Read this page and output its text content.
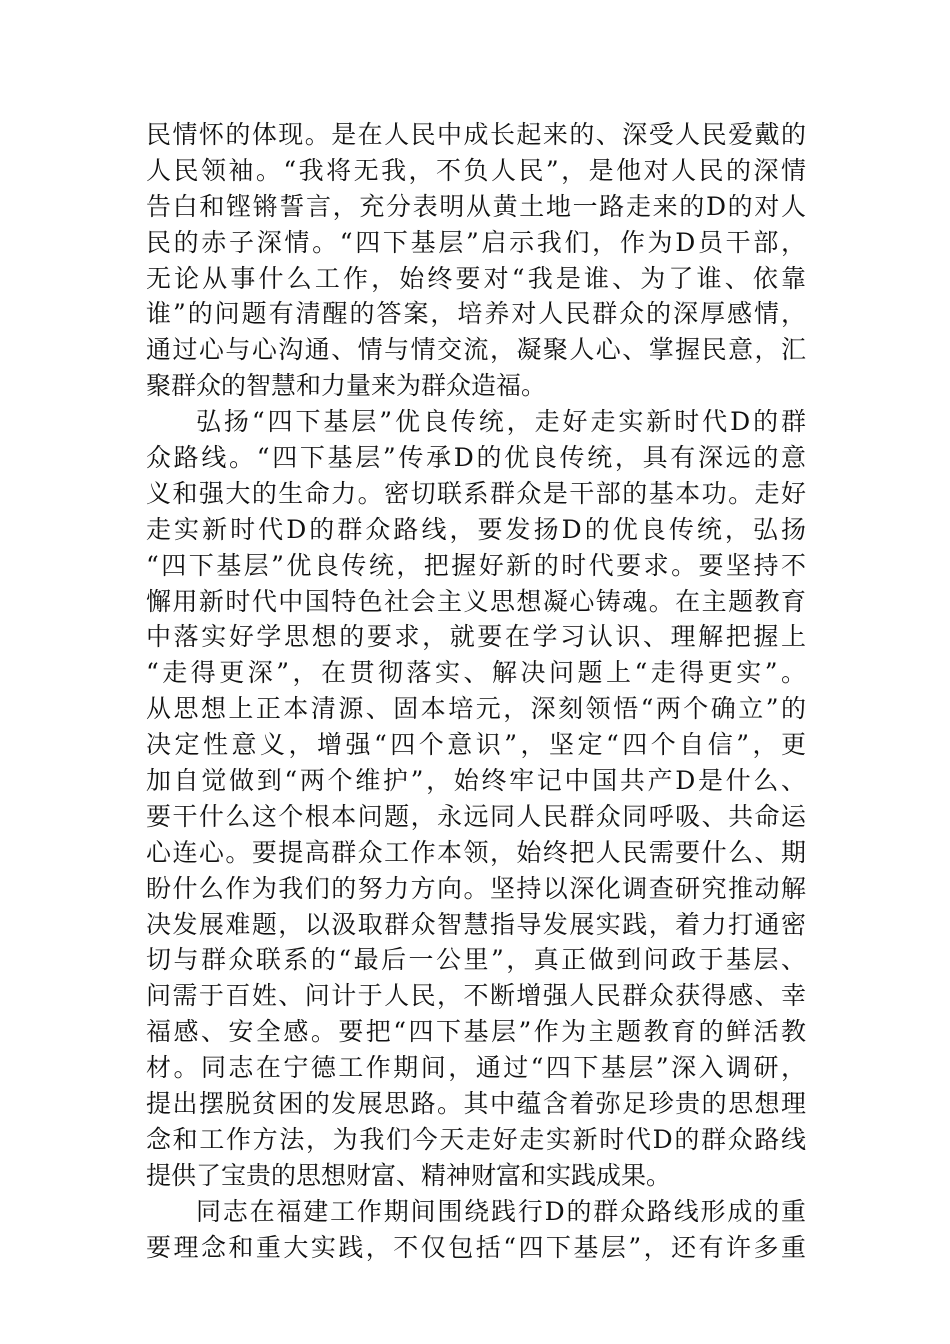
民情怀的体现。是在人民中成长起来的、深受人民爱戴的
人民领袖。“我将无我，不负人民”，是他对人民的深情
告白和铿锵誓言，充分表明从黄土地一路走来的D的对人
民的赤子深情。“四下基层”启示我们，作为D员干部，
无论从事什么工作，始终要对“我是谁、为了谁、依靠
谁”的问题有清醒的答案，培养对人民群众的深厚感情，
通过心与心沟通、情与情交流，凝聚人心、掌握民意，汇
聚群众的智慧和力量来为群众造福。
弘扬“四下基层”优良传统，走好走实新时代D的群
众路线。“四下基层”传承D的优良传统，具有深远的意
义和强大的生命力。密切联系群众是干部的基本功。走好
走实新时代D的群众路线，要发扬D的优良传统，弘扬
“四下基层”优良传统，把握好新的时代要求。要坚持不
懈用新时代中国特色社会主义思想凝心铸魂。在主题教育
中落实好学思想的要求，就要在学习认识、理解把握上
“走得更深”，在贯彻落实、解决问题上“走得更实”。
从思想上正本清源、固本培元，深刻领悟“两个确立”的
决定性意义，增强“四个意识”，坚定“四个自信”，更
加自觉做到“两个维护”，始终牢记中国共产D是什么、
要干什么这个根本问题，永远同人民群众同呼吸、共命运
心连心。要提高群众工作本领，始终把人民需要什么、期
盼什么作为我们的努力方向。坚持以深化调查研究推动解
决发展难题，以汲取群众智慧指导发展实践，着力打通密
切与群众联系的“最后一公里”，真正做到问政于基层、
问需于百姓、问计于人民，不断增强人民群众获得感、幸
福感、安全感。要把“四下基层”作为主题教育的鲜活教
材。同志在宁德工作期间，通过“四下基层”深入调研，
提出摆脱贫困的发展思路。其中蕴含着弥足珍贵的思想理
念和工作方法，为我们今天走好走实新时代D的群众路线
提供了宝贵的思想财富、精神财富和实践成果。
同志在福建工作期间围绕践行D的群众路线形成的重
要理念和重大实践，不仅包括“四下基层”，还有许多重
